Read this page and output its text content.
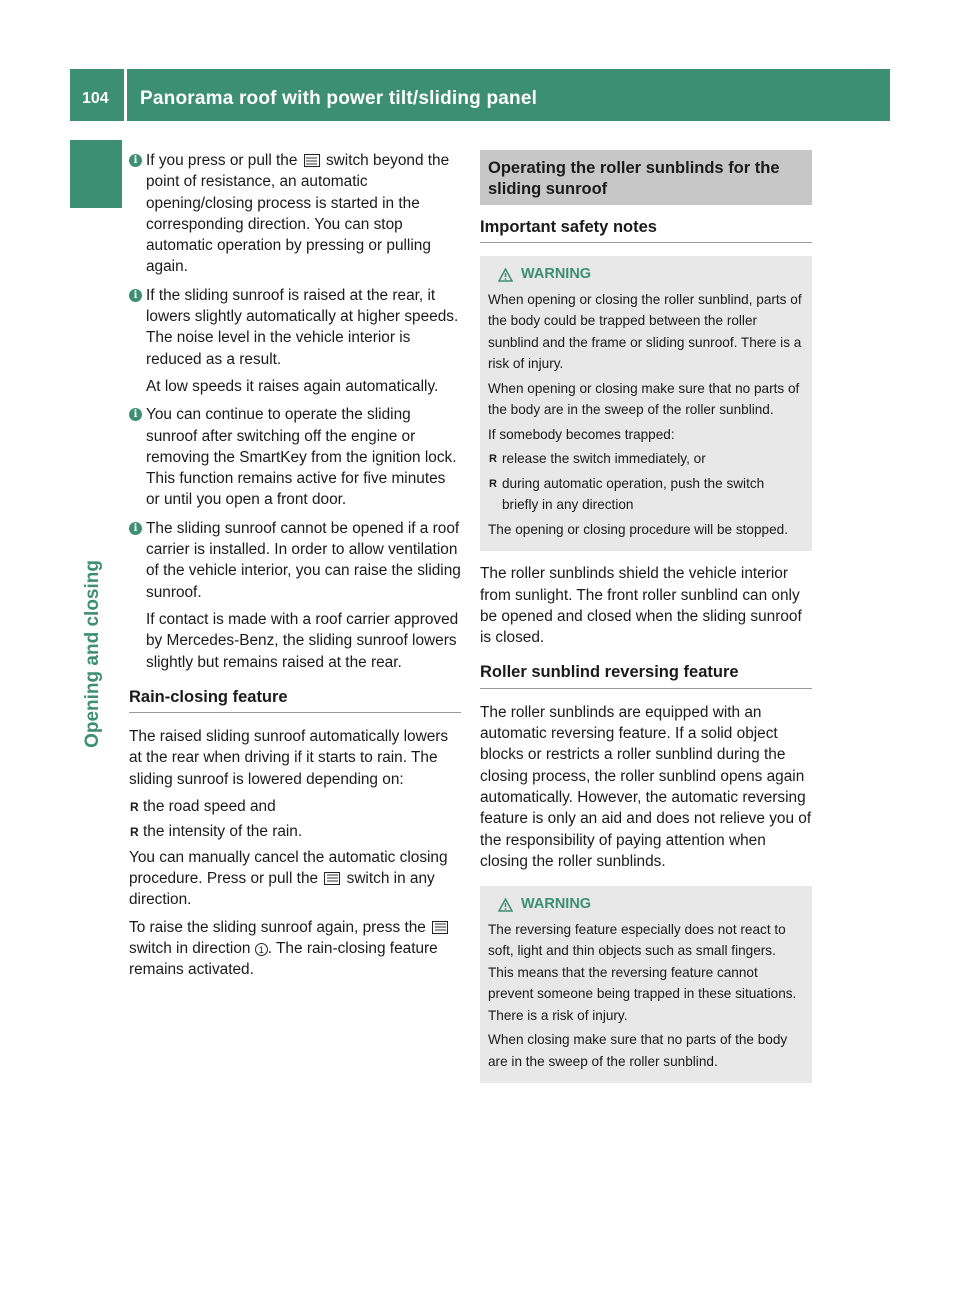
104 Panorama roof with power tilt/sliding panel
Opening and closing
i If you press or pull the  switch beyond the point of resistance, an automatic opening/closing process is started in the corresponding direction. You can stop automatic operation by pressing or pulling again.

i If the sliding sunroof is raised at the rear, it lowers slightly automatically at higher speeds. The noise level in the vehicle interior is reduced as a result.

At low speeds it raises again automatically.

i You can continue to operate the sliding sunroof after switching off the engine or removing the SmartKey from the ignition lock. This function remains active for five minutes or until you open a front door.

i The sliding sunroof cannot be opened if a roof carrier is installed. In order to allow ventilation of the vehicle interior, you can raise the sliding sunroof.

If contact is made with a roof carrier approved by Mercedes-Benz, the sliding sunroof lowers slightly but remains raised at the rear.

Rain-closing feature

The raised sliding sunroof automatically lowers at the rear when driving if it starts to rain. The sliding sunroof is lowered depending on:

R the road speed and
R the intensity of the rain.

You can manually cancel the automatic closing procedure. Press or pull the  switch in any direction.

To raise the sliding sunroof again, press the  switch in direction 1 . The rain-closing feature remains activated.

Operating the roller sunblinds for the sliding sunroof
Important safety notes
WARNING

When opening or closing the roller sunblind, parts of the body could be trapped between the roller sunblind and the frame or sliding sunroof. There is a risk of injury.

When opening or closing make sure that no parts of the body are in the sweep of the roller sunblind.

If somebody becomes trapped:

R release the switch immediately, or
R during automatic operation, push the switch briefly in any direction

The opening or closing procedure will be stopped.

The roller sunblinds shield the vehicle interior from sunlight. The front roller sunblind can only be opened and closed when the sliding sunroof is closed.

Roller sunblind reversing feature

The roller sunblinds are equipped with an automatic reversing feature. If a solid object blocks or restricts a roller sunblind during the closing process, the roller sunblind opens again automatically. However, the automatic reversing feature is only an aid and does not relieve you of the responsibility of paying attention when closing the roller sunblinds.

WARNING

The reversing feature especially does not react to soft, light and thin objects such as small fingers. This means that the reversing feature cannot prevent someone being trapped in these situations. There is a risk of injury.

When closing make sure that no parts of the body are in the sweep of the roller sunblind.
